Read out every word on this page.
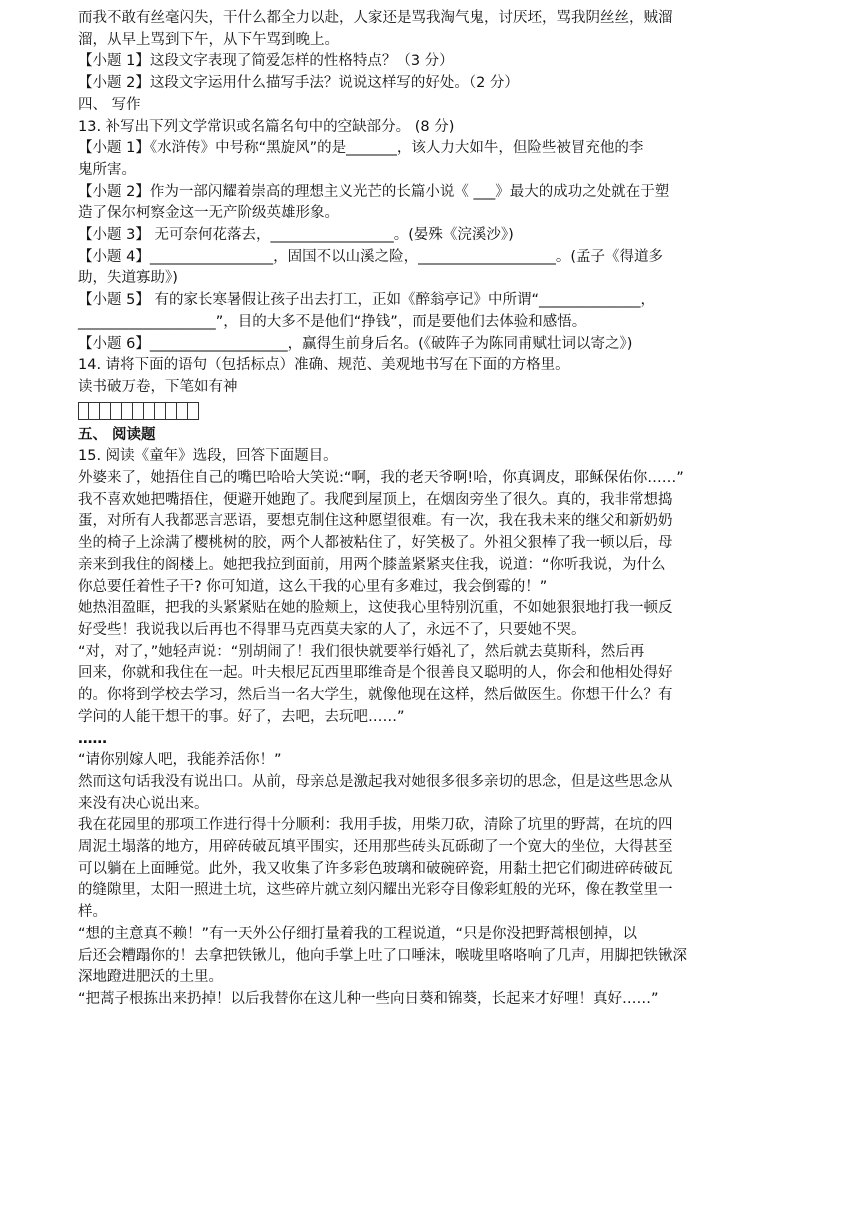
而我不敢有丝毫闪失，干什么都全力以赴，人家还是骂我淘气鬼，讨厌坯，骂我阴丝丝，贼溜
溜，从早上骂到下午，从下午骂到晚上。
【小题 1】这段文字表现了简爱怎样的性格特点？（3 分）
【小题 2】这段文字运用什么描写手法？说说这样写的好处。（2 分）
四、 写作
13. 补写出下列文学常识或名篇名句中的空缺部分。 (8 分)
【小题 1】《水浒传》中号称“黑旋风”的是_______，该人力大如牛，但险些被冒充他的李
鬼所害。
【小题 2】作为一部闪耀着崇高的理想主义光芒的长篇小说《 ___》最大的成功之处就在于塑
造了保尔柯察金这一无产阶级英雄形象。
【小题 3】 无可奈何花落去，_________________。(晏殊《浣溪沙》)
【小题 4】_________________，固国不以山溪之险，___________________。(孟子《得道多
助，失道寡助》)
【小题 5】 有的家长寒暑假让孩子出去打工，正如《醉翁亭记》中所谓“______________，
___________________”，目的大多不是他们“挣钱”，而是要他们去体验和感悟。
【小题 6】___________________，赢得生前身后名。(《破阵子为陈同甫赋壮词以寄之》)
14. 请将下面的语句（包括标点）准确、规范、美观地书写在下面的方格里。
读书破万卷，下笔如有神
五、 阅读题
15. 阅读《童年》选段，回答下面题目。
外婆来了，她捂住自己的嘴巴哈哈大笑说:“啊，我的老天爷啊!哈，你真调皮，耶稣保佑你……”
我不喜欢她把嘴捂住，便避开她跑了。我爬到屋顶上，在烟囱旁坐了很久。真的，我非常想捣
蛋，对所有人我都恶言恶语，要想克制住这种愿望很难。有一次，我在我未来的继父和新奶奶
坐的椅子上涂满了樱桃树的胶，两个人都被粘住了，好笑极了。外祖父狠棒了我一顿以后，母
亲来到我住的阁楼上。她把我拉到面前，用两个膝盖紧紧夹住我，说道：“你听我说，为什么
你总要任着性子干? 你可知道，这么干我的心里有多难过，我会倒霉的！”
她热泪盈眶，把我的头紧紧贴在她的脸颊上，这使我心里特别沉重，不如她狠狠地打我一顿反
好受些！我说我以后再也不得罪马克西莫夫家的人了，永远不了，只要她不哭。
“对，对了，”她轻声说：“别胡闹了！我们很快就要举行婚礼了，然后就去莫斯科，然后再
回来，你就和我住在一起。叶夫根尼瓦西里耶维奇是个很善良又聪明的人，你会和他相处得好
的。你将到学校去学习，然后当一名大学生，就像他现在这样，然后做医生。你想干什么？有
学问的人能干想干的事。好了，去吧，去玩吧……”
……
“请你别嫁人吧，我能养活你！”
然而这句话我没有说出口。从前，母亲总是激起我对她很多很多亲切的思念，但是这些思念从
来没有决心说出来。
我在花园里的那项工作进行得十分顺利：我用手拔，用柴刀砍，清除了坑里的野蒿，在坑的四
周泥土塌落的地方，用碎砖破瓦填平围实，还用那些砖头瓦砾砌了一个宽大的坐位，大得甚至
可以躺在上面睡觉。此外，我又收集了许多彩色玻璃和破碗碎瓷，用黏土把它们砌进碎砖破瓦
的缝隙里，太阳一照进土坑，这些碎片就立刻闪耀出光彩夺目像彩虹般的光环，像在教堂里一
样。
“想的主意真不赖！”有一天外公仔细打量着我的工程说道，“只是你没把野蒿根刨掉，以
后还会糟蹋你的！去拿把铁锹儿，他向手掌上吐了口唾沫，喉咙里咯咯响了几声，用脚把铁锹深
深地蹬进肥沃的土里。
“把蒿子根拣出来扔掉！以后我替你在这儿种一些向日葵和锦葵，长起来才好哩！真好……”
